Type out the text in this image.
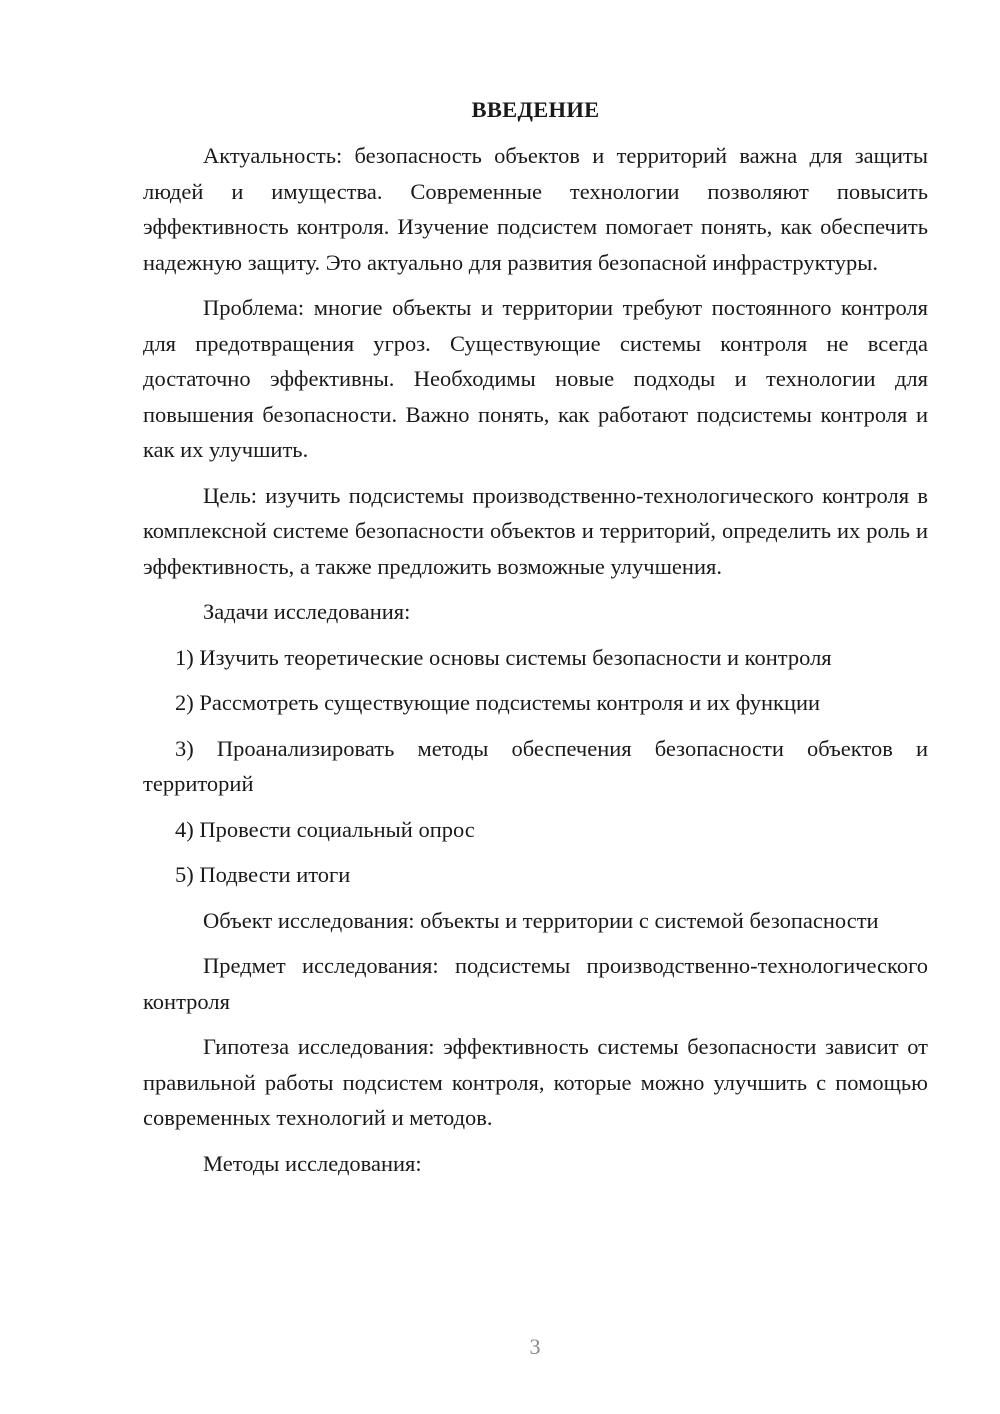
ВВЕДЕНИЕ

Актуальность: безопасность объектов и территорий важна для защиты людей и имущества. Современные технологии позволяют повысить эффективность контроля. Изучение подсистем помогает понять, как обеспечить надежную защиту. Это актуально для развития безопасной инфраструктуры.

Проблема: многие объекты и территории требуют постоянного контроля для предотвращения угроз. Существующие системы контроля не всегда достаточно эффективны. Необходимы новые подходы и технологии для повышения безопасности. Важно понять, как работают подсистемы контроля и как их улучшить.

Цель: изучить подсистемы производственно-технологического контроля в комплексной системе безопасности объектов и территорий, определить их роль и эффективность, а также предложить возможные улучшения.

Задачи исследования:

1) Изучить теоретические основы системы безопасности и контроля

2) Рассмотреть существующие подсистемы контроля и их функции

3) Проанализировать методы обеспечения безопасности объектов и территорий

4) Провести социальный опрос

5) Подвести итоги

Объект исследования: объекты и территории с системой безопасности

Предмет исследования: подсистемы производственно-технологического контроля

Гипотеза исследования: эффективность системы безопасности зависит от правильной работы подсистем контроля, которые можно улучшить с помощью современных технологий и методов.

Методы исследования:

3
